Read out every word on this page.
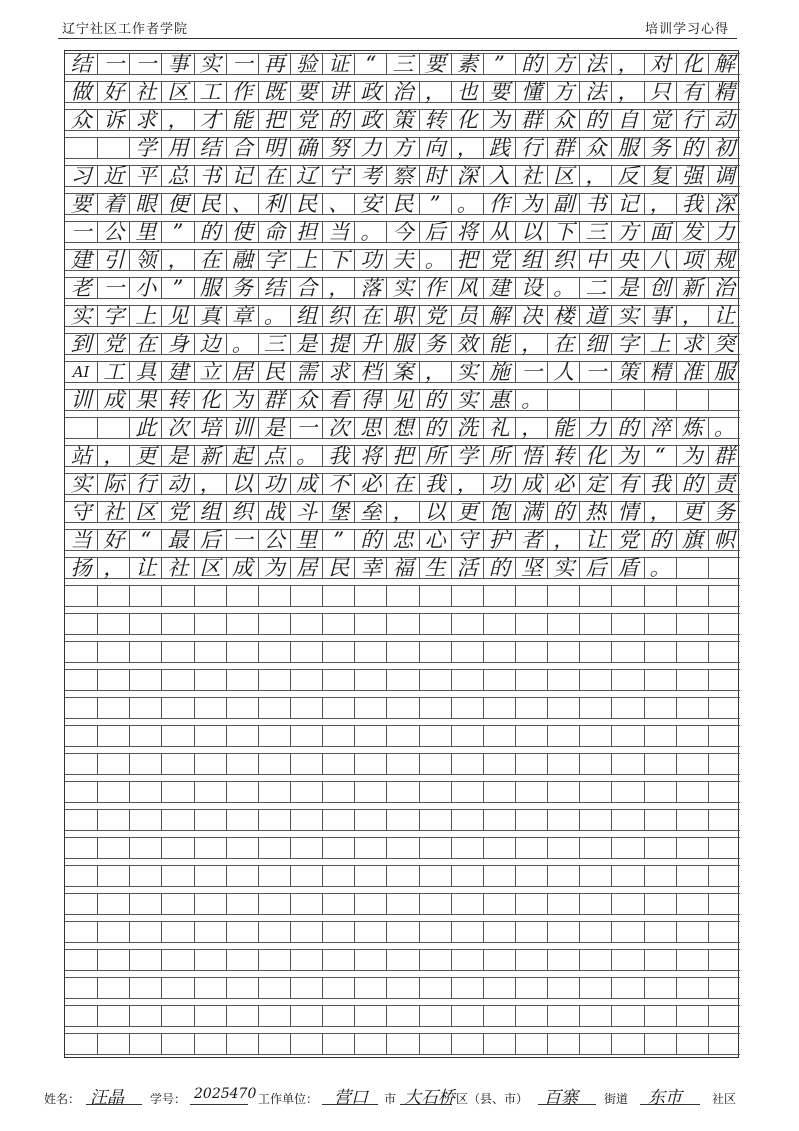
辽宁社区工作者学院	培训学习心得
结 一 一 事 实 一 再 验 证 “ 三 要 素 ” 的 方 法 ， 对 化 解
做 好 社 区 工 作 既 要 讲 政 治 ， 也 要 懂 方 法 ， 只 有 精
众 诉 求 ， 才 能 把 党 的 政 策 转 化 为 群 众 的 自 觉 行 动
学 用 结 合 明 确 努 力 方 向 ， 践 行 群 众 服 务 的 初
习 近 平 总 书 记 在 辽 宁 考 察 时 深 入 社 区 ， 反 复 强 调
要 着 眼 便 民 、 利 民 、 安 民 ” 。 作 为 副 书 记 ， 我 深
一 公 里 ” 的 使 命 担 当 。 今 后 将 从 以 下 三 方 面 发 力
建 引 领 ， 在 融 字 上 下 功 夫 。 把 党 组 织 中 央 八 项 规
老 一 小 ” 服 务 结 合 ， 落 实 作 风 建 设 。 二 是 创 新 治
实 字 上 见 真 章 。 组 织 在 职 党 员 解 决 楼 道 实 事 ， 让
到 党 在 身 边 。 三 是 提 升 服 务 效 能 ， 在 细 字 上 求 突
AI 工 具 建 立 居 民 需 求 档 案 ， 实 施 一 人 一 策 精 准 服
训 成 果 转 化 为 群 众 看 得 见 的 实 惠 。
此 次 培 训 是 一 次 思 想 的 洗 礼 ， 能 力 的 淬 炼 。
站 ， 更 是 新 起 点 。 我 将 把 所 学 所 悟 转 化 为 “ 为 群
实 际 行 动 ， 以 功 成 不 必 在 我 ， 功 成 必 定 有 我 的 责
守 社 区 党 组 织 战 斗 堡 垒 ， 以 更 饱 满 的 热 情 ， 更 务
当 好 “ 最 后 一 公 里 ” 的 忠 心 守 护 者 ， 让 党 的 旗 帜
扬 ， 让 社 区 成 为 居 民 幸 福 生 活 的 坚 实 后 盾 。
姓名： 汪晶 学号： 2025470 工作单位： 营口 市 大石桥 区（县、市） 百寨 街道 东市	社区
